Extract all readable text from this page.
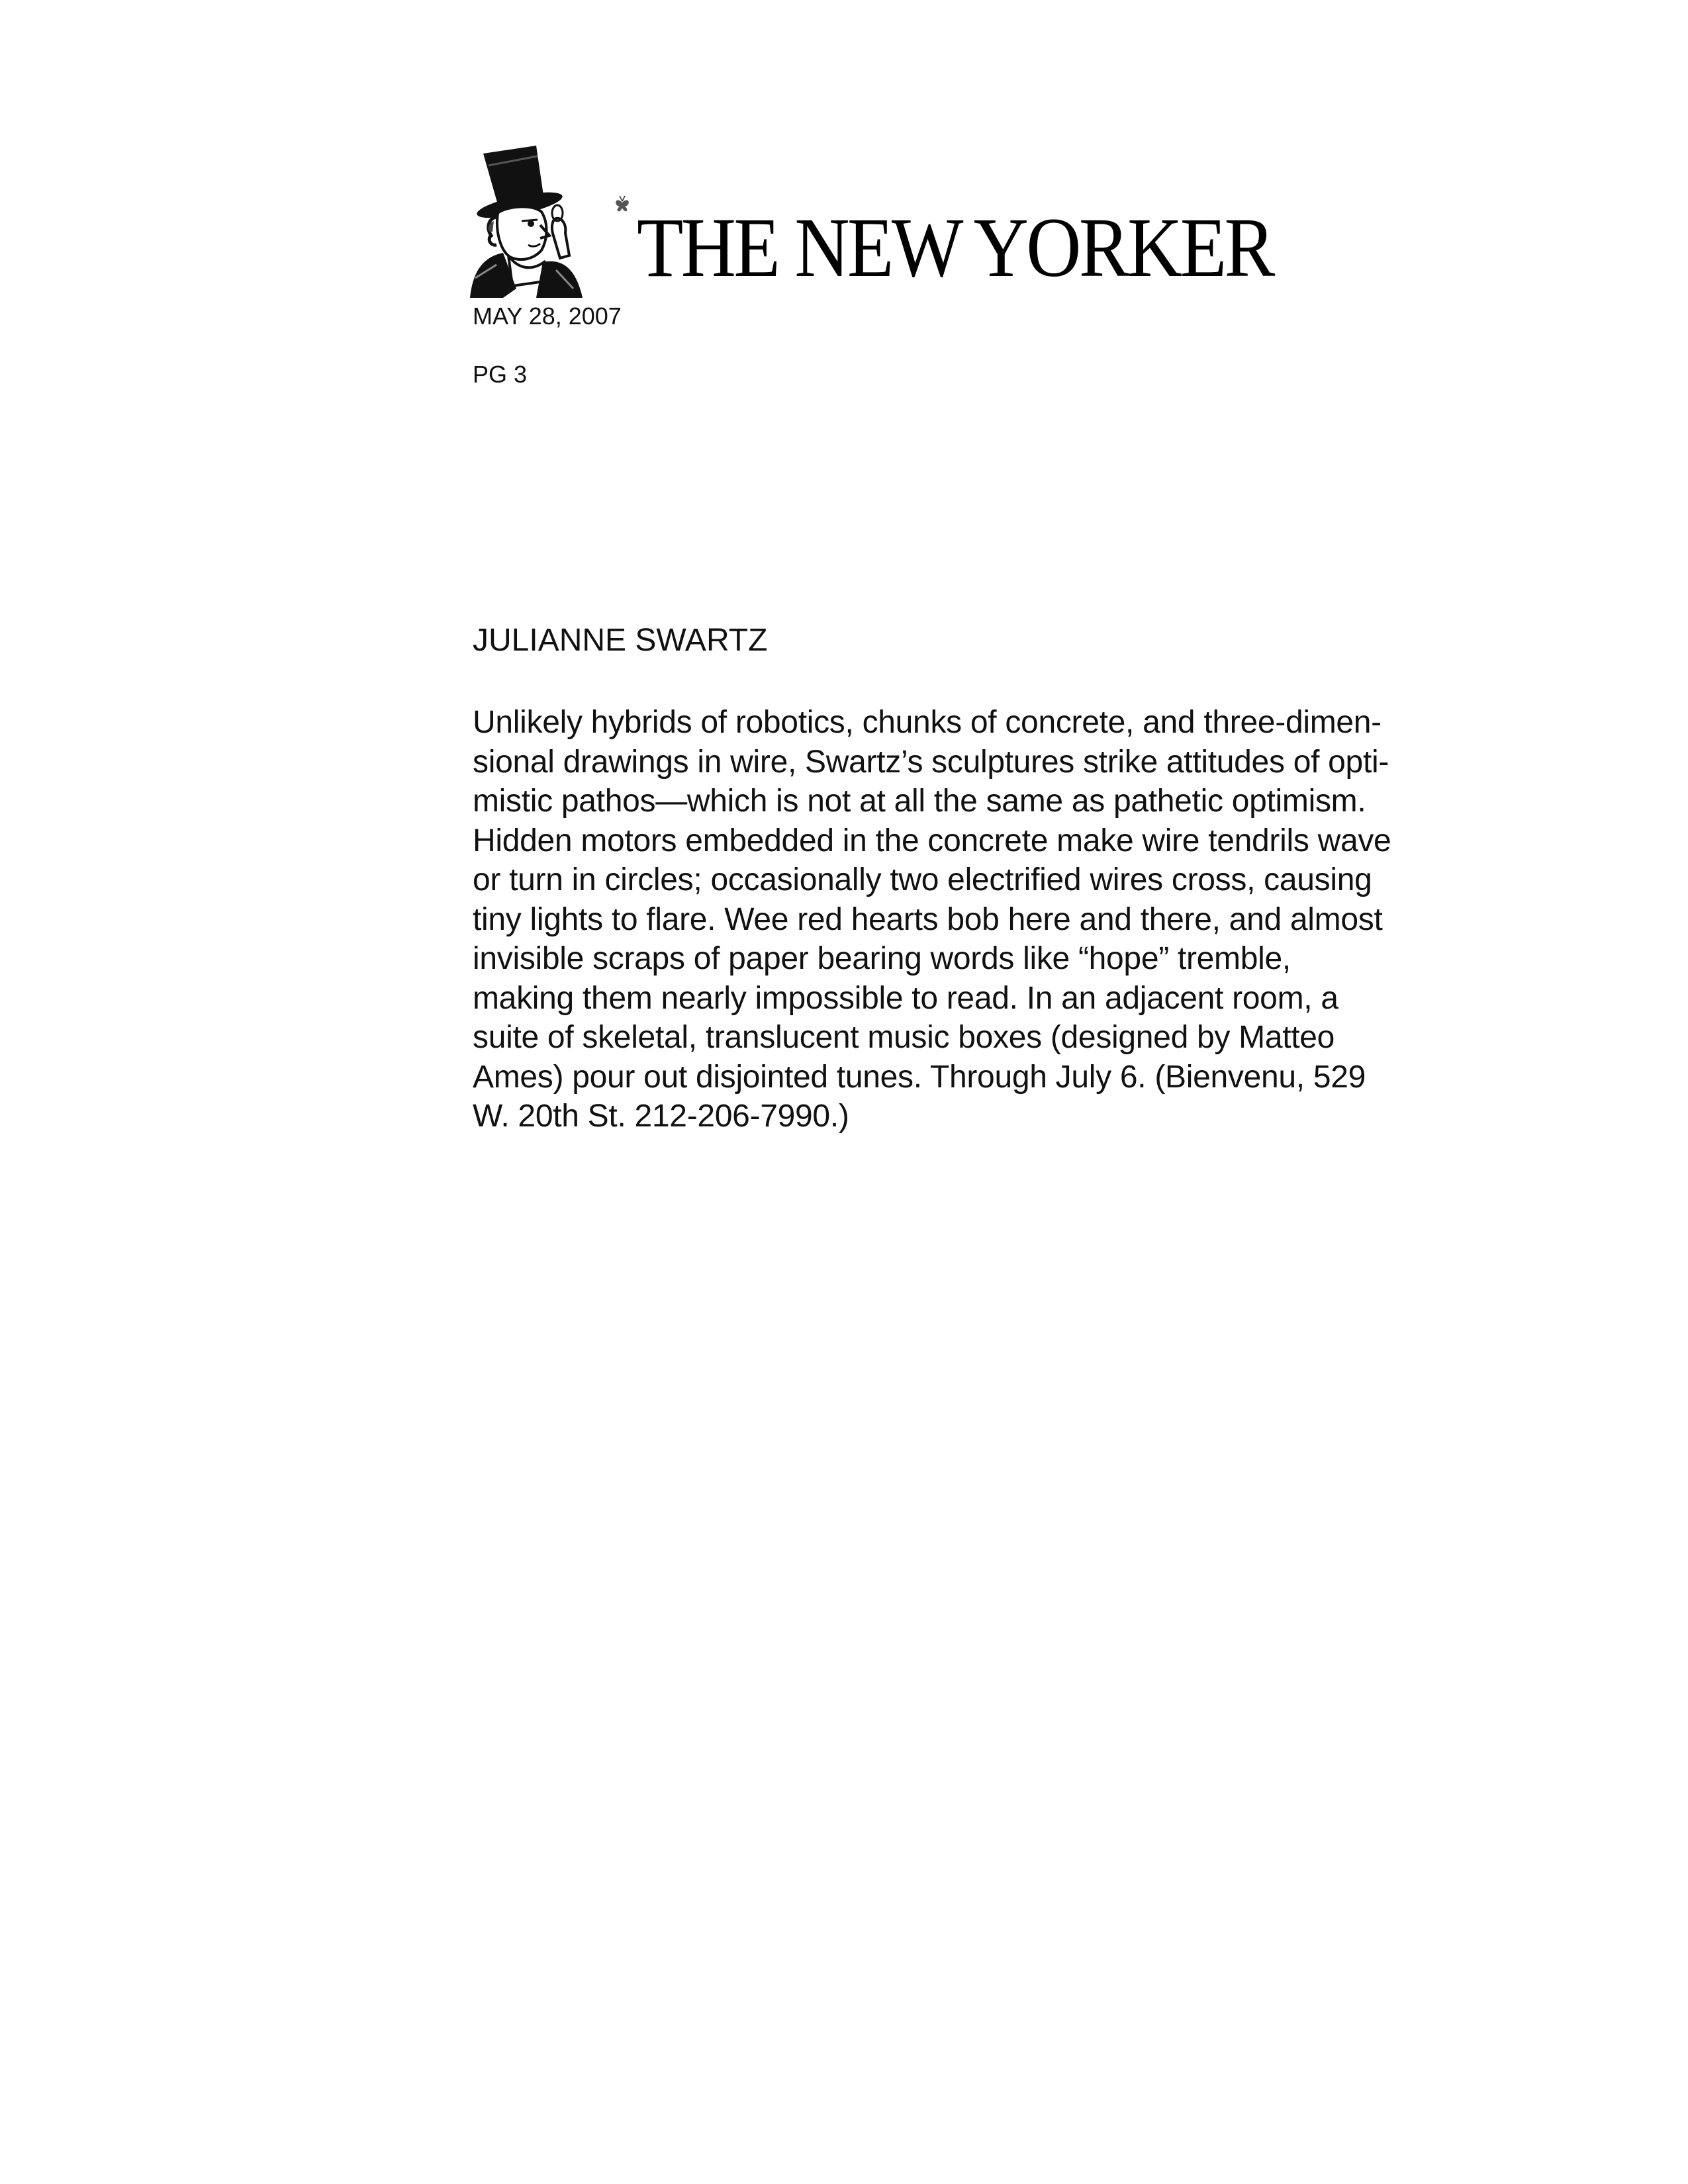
THE NEW YORKER
MAY 28, 2007
PG 3
JULIANNE SWARTZ
Unlikely hybrids of robotics, chunks of concrete, and three-dimen-
sional drawings in wire, Swartz’s sculptures strike attitudes of opti-
mistic pathos—which is not at all the same as pathetic optimism.
Hidden motors embedded in the concrete make wire tendrils wave
or turn in circles; occasionally two electrified wires cross, causing
tiny lights to flare. Wee red hearts bob here and there, and almost
invisible scraps of paper bearing words like “hope” tremble,
making them nearly impossible to read. In an adjacent room, a
suite of skeletal, translucent music boxes (designed by Matteo
Ames) pour out disjointed tunes. Through July 6. (Bienvenu, 529
W. 20th St. 212-206-7990.)
